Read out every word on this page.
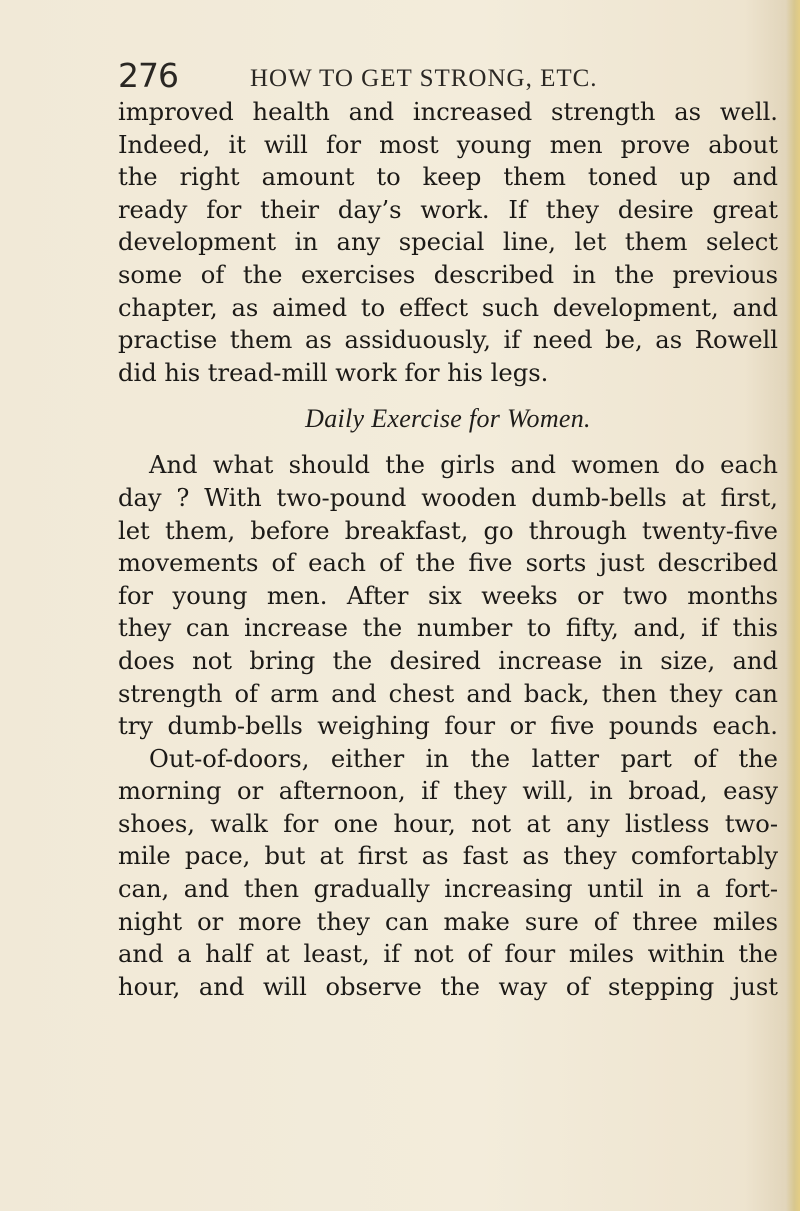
276	HOW TO GET STRONG, ETC.
improved health and increased strength as well.
Indeed, it will for most young men prove about
the right amount to keep them toned up and
ready for their day’s work. If they desire great
development in any special line, let them select
some of the exercises described in the previous
chapter, as aimed to effect such development, and
practise them as assiduously, if need be, as Rowell
did his tread-mill work for his legs.
Daily Exercise for Women.
And what should the girls and women do each
day ? With two-pound wooden dumb-bells at first,
let them, before breakfast, go through twenty-five
movements of each of the five sorts just described
for young men. After six weeks or two months
they can increase the number to fifty, and, if this
does not bring the desired increase in size, and
strength of arm and chest and back, then they can
try dumb-bells weighing four or five pounds each.
Out-of-doors, either in the latter part of the
morning or afternoon, if they will, in broad, easy
shoes, walk for one hour, not at any listless two-
mile pace, but at first as fast as they comfortably
can, and then gradually increasing until in a fort-
night or more they can make sure of three miles
and a half at least, if not of four miles within the
hour, and will observe the way of stepping just
